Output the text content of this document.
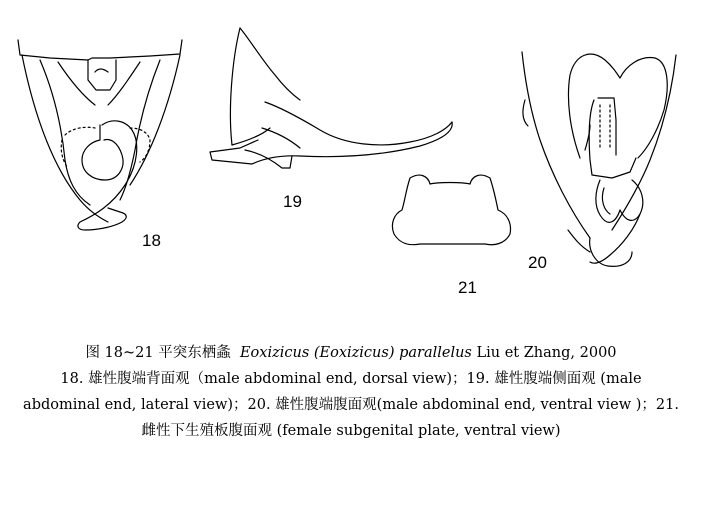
18
19
20
21
图 18~21 平突东栖螽 Eoxizicus (Eoxizicus) parallelus Liu et Zhang, 2000
18. 雄性腹端背面观（male abdominal end, dorsal view)；19. 雄性腹端侧面观 (male
abdominal end, lateral view)；20. 雄性腹端腹面观(male abdominal end, ventral view )；21.
雌性下生殖板腹面观 (female subgenital plate, ventral view)
